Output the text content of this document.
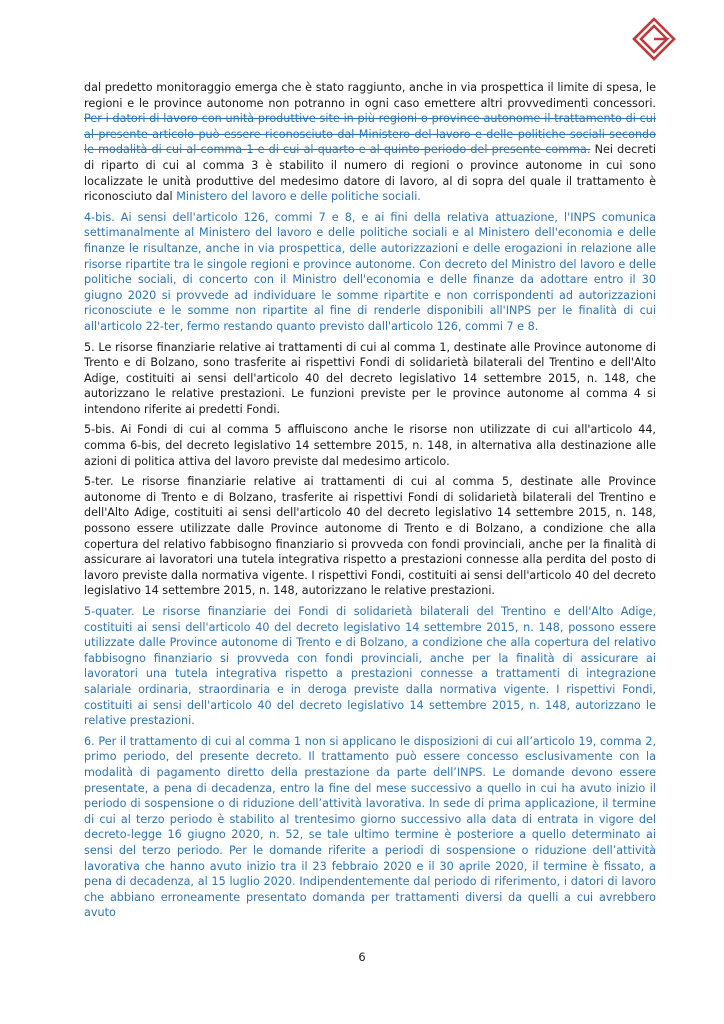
dal predetto monitoraggio emerga che è stato raggiunto, anche in via prospettica il limite di spesa, le regioni e le province autonome non potranno in ogni caso emettere altri provvedimenti concessori. Per i datori di lavoro con unità produttive site in più regioni o province autonome il trattamento di cui al presente articolo può essere riconosciuto dal Ministero del lavoro e delle politiche sociali secondo le modalità di cui al comma 1 e di cui al quarto e al quinto periodo del presente comma. Nei decreti di riparto di cui al comma 3 è stabilito il numero di regioni o province autonome in cui sono localizzate le unità produttive del medesimo datore di lavoro, al di sopra del quale il trattamento è riconosciuto dal Ministero del lavoro e delle politiche sociali.

4-bis. Ai sensi dell'articolo 126, commi 7 e 8, e ai fini della relativa attuazione, l'INPS comunica settimanalmente al Ministero del lavoro e delle politiche sociali e al Ministero dell'economia e delle finanze le risultanze, anche in via prospettica, delle autorizzazioni e delle erogazioni in relazione alle risorse ripartite tra le singole regioni e province autonome. Con decreto del Ministro del lavoro e delle politiche sociali, di concerto con il Ministro dell'economia e delle finanze da adottare entro il 30 giugno 2020 si provvede ad individuare le somme ripartite e non corrispondenti ad autorizzazioni riconosciute e le somme non ripartite al fine di renderle disponibili all'INPS per le finalità di cui all'articolo 22-ter, fermo restando quanto previsto dall'articolo 126, commi 7 e 8.

5. Le risorse finanziarie relative ai trattamenti di cui al comma 1, destinate alle Province autonome di Trento e di Bolzano, sono trasferite ai rispettivi Fondi di solidarietà bilaterali del Trentino e dell'Alto Adige, costituiti ai sensi dell'articolo 40 del decreto legislativo 14 settembre 2015, n. 148, che autorizzano le relative prestazioni. Le funzioni previste per le province autonome al comma 4 si intendono riferite ai predetti Fondi.

5-bis. Ai Fondi di cui al comma 5 affluiscono anche le risorse non utilizzate di cui all'articolo 44, comma 6-bis, del decreto legislativo 14 settembre 2015, n. 148, in alternativa alla destinazione alle azioni di politica attiva del lavoro previste dal medesimo articolo.

5-ter. Le risorse finanziarie relative ai trattamenti di cui al comma 5, destinate alle Province autonome di Trento e di Bolzano, trasferite ai rispettivi Fondi di solidarietà bilaterali del Trentino e dell'Alto Adige, costituiti ai sensi dell'articolo 40 del decreto legislativo 14 settembre 2015, n. 148, possono essere utilizzate dalle Province autonome di Trento e di Bolzano, a condizione che alla copertura del relativo fabbisogno finanziario si provveda con fondi provinciali, anche per la finalità di assicurare ai lavoratori una tutela integrativa rispetto a prestazioni connesse alla perdita del posto di lavoro previste dalla normativa vigente. I rispettivi Fondi, costituiti ai sensi dell'articolo 40 del decreto legislativo 14 settembre 2015, n. 148, autorizzano le relative prestazioni.

5-quater. Le risorse finanziarie dei Fondi di solidarietà bilaterali del Trentino e dell'Alto Adige, costituiti ai sensi dell'articolo 40 del decreto legislativo 14 settembre 2015, n. 148, possono essere utilizzate dalle Province autonome di Trento e di Bolzano, a condizione che alla copertura del relativo fabbisogno finanziario si provveda con fondi provinciali, anche per la finalità di assicurare ai lavoratori una tutela integrativa rispetto a prestazioni connesse a trattamenti di integrazione salariale ordinaria, straordinaria e in deroga previste dalla normativa vigente. I rispettivi Fondi, costituiti ai sensi dell'articolo 40 del decreto legislativo 14 settembre 2015, n. 148, autorizzano le relative prestazioni.

6. Per il trattamento di cui al comma 1 non si applicano le disposizioni di cui all’articolo 19, comma 2, primo periodo, del presente decreto. Il trattamento può essere concesso esclusivamente con la modalità di pagamento diretto della prestazione da parte dell’INPS. Le domande devono essere presentate, a pena di decadenza, entro la fine del mese successivo a quello in cui ha avuto inizio il periodo di sospensione o di riduzione dell’attività lavorativa. In sede di prima applicazione, il termine di cui al terzo periodo è stabilito al trentesimo giorno successivo alla data di entrata in vigore del decreto-legge 16 giugno 2020, n. 52, se tale ultimo termine è posteriore a quello determinato ai sensi del terzo periodo. Per le domande riferite a periodi di sospensione o riduzione dell’attività lavorativa che hanno avuto inizio tra il 23 febbraio 2020 e il 30 aprile 2020, il termine è fissato, a pena di decadenza, al 15 luglio 2020. Indipendentemente dal periodo di riferimento, i datori di lavoro che abbiano erroneamente presentato domanda per trattamenti diversi da quelli a cui avrebbero avuto

6
